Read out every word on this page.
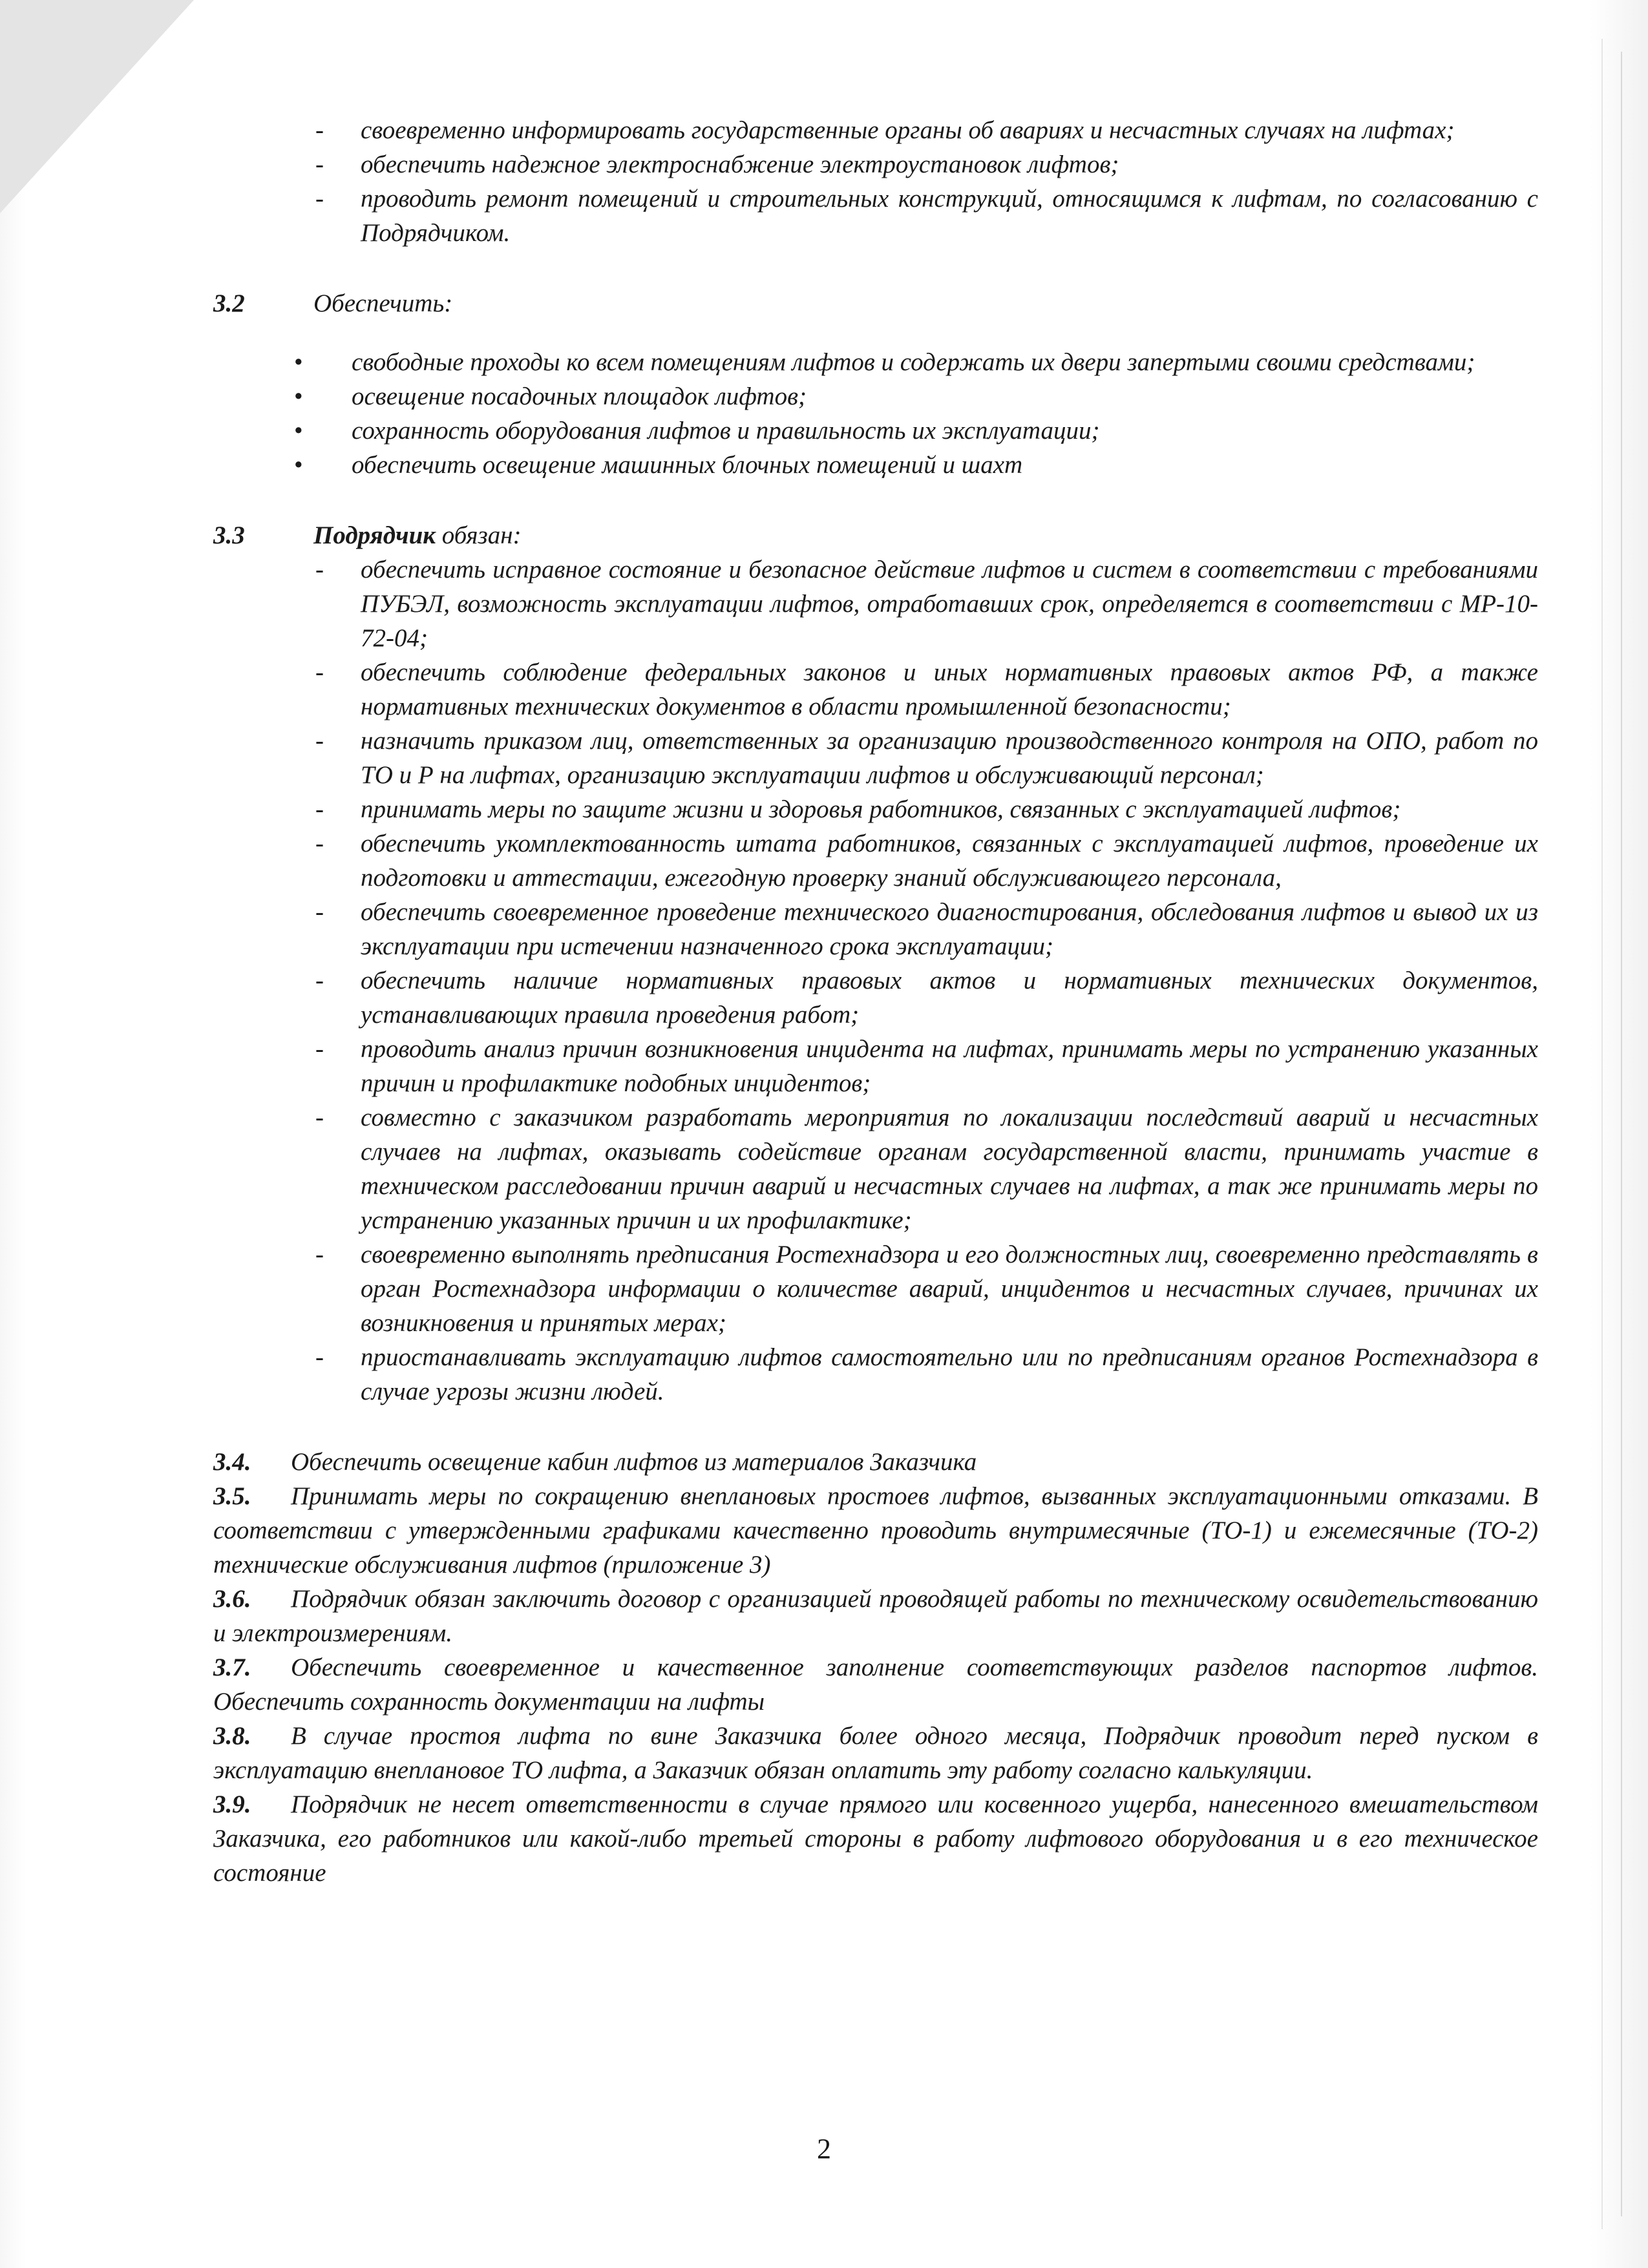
- своевременно информировать государственные органы об авариях и несчастных случаях на лифтах;
- обеспечить надежное электроснабжение электроустановок лифтов;
- проводить ремонт помещений и строительных конструкций, относящимся к лифтам, по согласованию с Подрядчиком.
3.2	Обеспечить:
• свободные проходы ко всем помещениям лифтов и содержать их двери запертыми своими средствами;
• освещение посадочных площадок лифтов;
• сохранность оборудования лифтов и правильность их эксплуатации;
• обеспечить освещение машинных блочных помещений и шахт
3.3	Подрядчик обязан:
- обеспечить исправное состояние и безопасное действие лифтов и систем в соответствии с требованиями ПУБЭЛ, возможность эксплуатации лифтов, отработавших срок, определяется в соответствии с МР-10-72-04;
- обеспечить соблюдение федеральных законов и иных нормативных правовых актов РФ, а также нормативных технических документов в области промышленной безопасности;
- назначить приказом лиц, ответственных за организацию производственного контроля на ОПО, работ по ТО и Р на лифтах, организацию эксплуатации лифтов и обслуживающий персонал;
- принимать меры по защите жизни и здоровья работников, связанных с эксплуатацией лифтов;
- обеспечить укомплектованность штата работников, связанных с эксплуатацией лифтов, проведение их подготовки и аттестации, ежегодную проверку знаний обслуживающего персонала,
- обеспечить своевременное проведение технического диагностирования, обследования лифтов и вывод их из эксплуатации при истечении назначенного срока эксплуатации;
- обеспечить наличие нормативных правовых актов и нормативных технических документов, устанавливающих правила проведения работ;
- проводить анализ причин возникновения инцидента на лифтах, принимать меры по устранению указанных причин и профилактике подобных инцидентов;
- совместно с заказчиком разработать мероприятия по локализации последствий аварий и несчастных случаев на лифтах, оказывать содействие органам государственной власти, принимать участие в техническом расследовании причин аварий и несчастных случаев на лифтах, а так же принимать меры по устранению указанных причин и их профилактике;
- своевременно выполнять предписания Ростехнадзора и его должностных лиц, своевременно представлять в орган Ростехнадзора информации о количестве аварий, инцидентов и несчастных случаев, причинах их возникновения и принятых мерах;
- приостанавливать эксплуатацию лифтов самостоятельно или по предписаниям органов Ростехнадзора в случае угрозы жизни людей.
3.4. Обеспечить освещение кабин лифтов из материалов Заказчика
3.5. Принимать меры по сокращению внеплановых простоев лифтов, вызванных эксплуатационными отказами. В соответствии с утвержденными графиками качественно проводить внутримесячные (ТО-1) и ежемесячные (ТО-2) технические обслуживания лифтов (приложение 3)
3.6. Подрядчик обязан заключить договор с организацией проводящей работы по техническому освидетельствованию и электроизмерениям.
3.7. Обеспечить своевременное и качественное заполнение соответствующих разделов паспортов лифтов. Обеспечить сохранность документации на лифты
3.8. В случае простоя лифта по вине Заказчика более одного месяца, Подрядчик проводит перед пуском в эксплуатацию внеплановое ТО лифта, а Заказчик обязан оплатить эту работу согласно калькуляции.
3.9. Подрядчик не несет ответственности в случае прямого или косвенного ущерба, нанесенного вмешательством Заказчика, его работников или какой-либо третьей стороны в работу лифтового оборудования и в его техническое состояние
2
